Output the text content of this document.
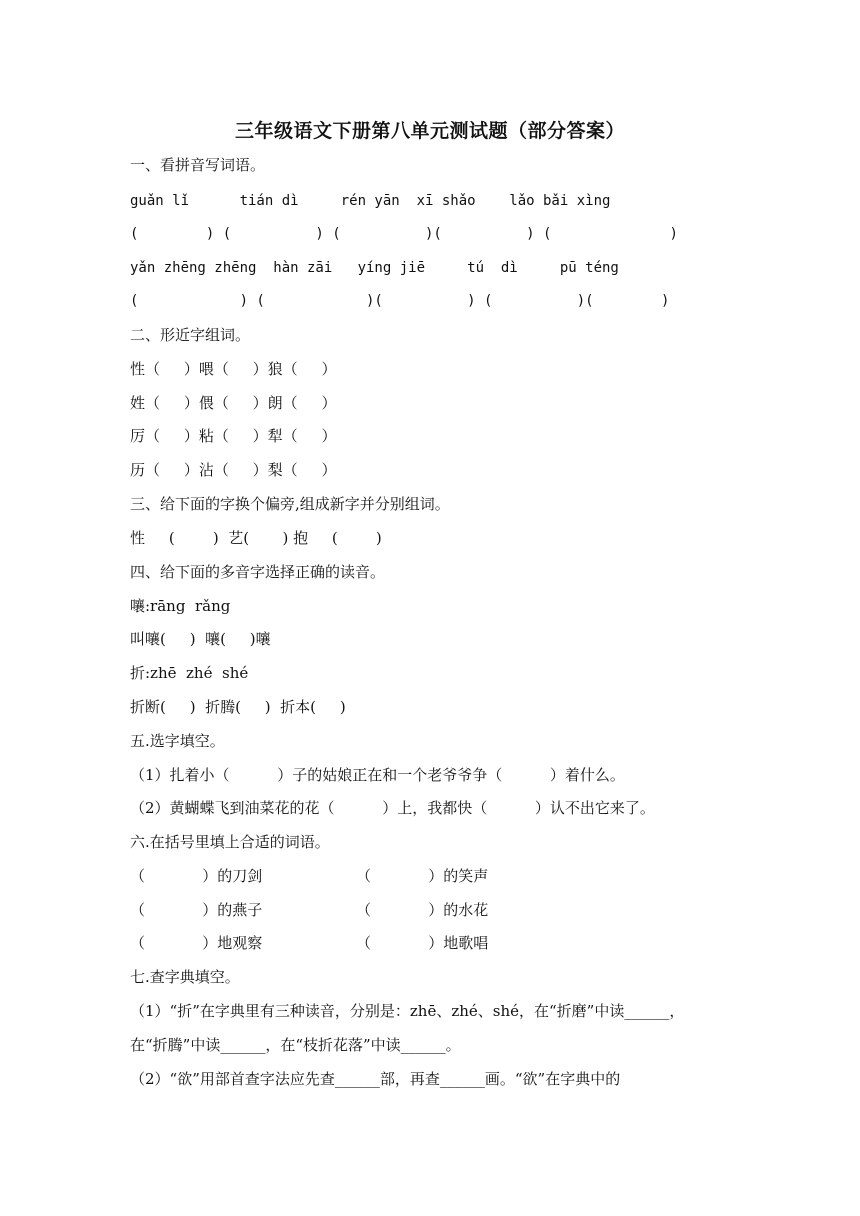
三年级语文下册第八单元测试题（部分答案）
一、看拼音写词语。
guǎn lǐ      tián dì     rén yān  xī shǎo    lǎo bǎi xìng
(        ) (          ) (          )(          ) (              )
yǎn zhēng zhēng  hàn zāi   yíng jiē     tú  dì     pū téng
(            ) (            )(          ) (          )(        )
二、形近字组词。
性（     ）喂（     ）狼（     ）
姓（     ）偎（     ）朗（     ）
厉（     ）粘（     ）犁（     ）
历（     ）沾（     ）梨（     ）
三、给下面的字换个偏旁,组成新字并分别组词。
性     (        )  艺(       ) 抱     (        )
四、给下面的多音字选择正确的读音。
嚷:rāng  rǎng
叫嚷(     )  嚷(     )嚷
折:zhē  zhé  shé
折断(     )  折腾(     )  折本(     )
五.选字填空。
（1）扎着小（          ）子的姑娘正在和一个老爷爷争（          ）着什么。
（2）黄蝴蝶飞到油菜花的花（          ）上，我都快（          ）认不出它来了。
六.在括号里填上合适的词语。
（            ）的刀剑	（            ）的笑声
（            ）的燕子	（            ）的水花
（            ）地观察	（            ）地歌唱
七.查字典填空。
（1）“折”在字典里有三种读音，分别是：zhē、zhé、shé，在“折磨”中读______，
在“折腾”中读______，在“枝折花落”中读______。
（2）“欲”用部首查字法应先查______部，再查______画。“欲”在字典中的
